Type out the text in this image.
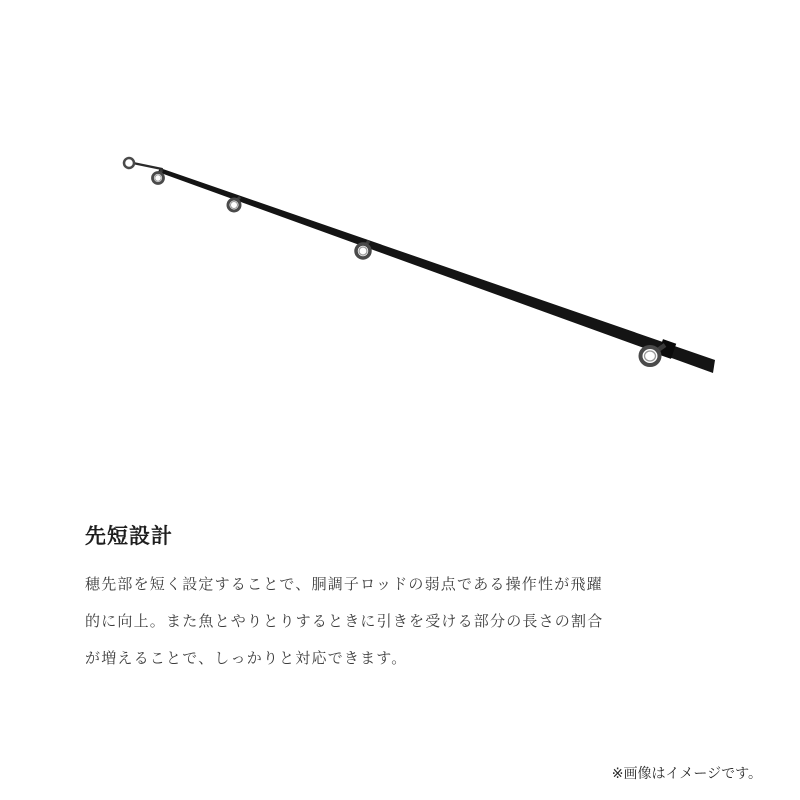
先短設計

穂先部を短く設定することで、胴調子ロッドの弱点である操作性が飛躍
的に向上。また魚とやりとりするときに引きを受ける部分の長さの割合
が増えることで、しっかりと対応できます。

※画像はイメージです。
